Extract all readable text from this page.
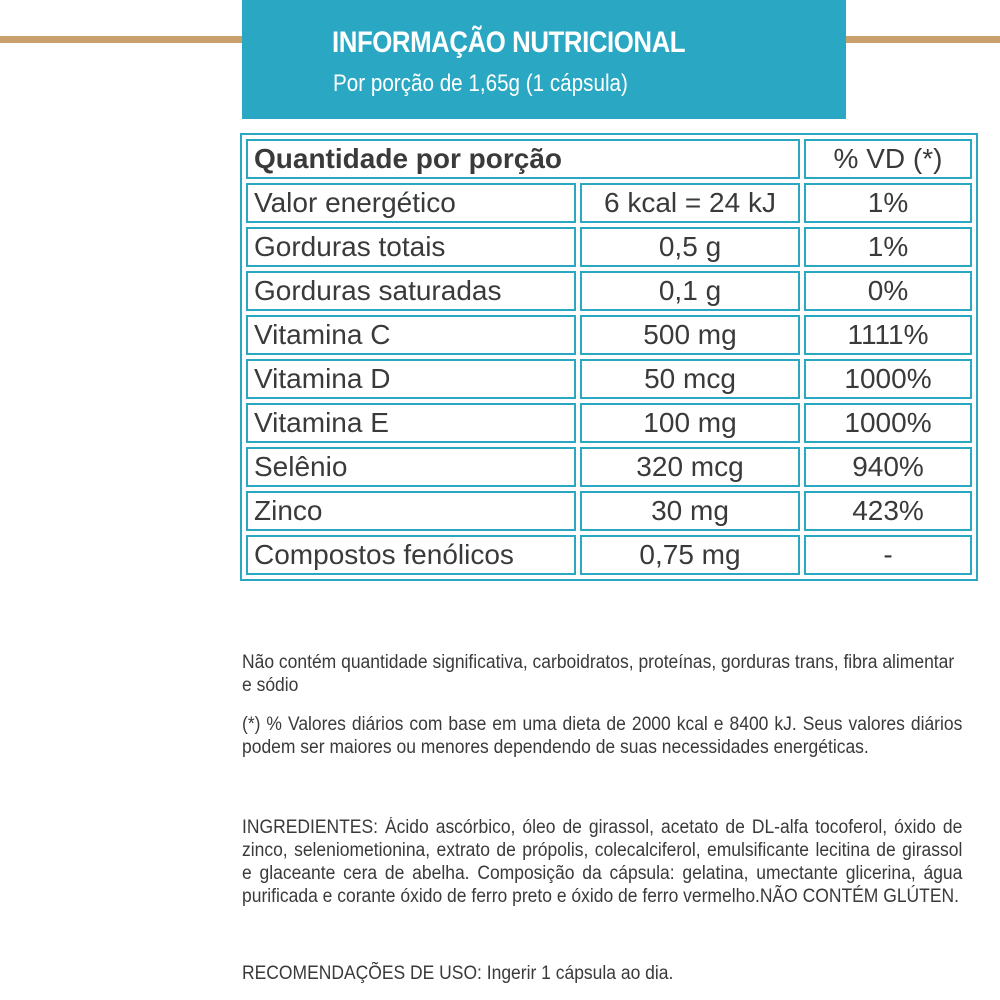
INFORMAÇÃO NUTRICIONAL
Por porção de 1,65g (1 cápsula)
Quantidade por porção		% VD (*)
Valor energético	6 kcal = 24 kJ	1%
Gorduras totais	0,5 g	1%
Gorduras saturadas	0,1 g	0%
Vitamina C	500 mg	1111%
Vitamina D	50 mcg	1000%
Vitamina E	100 mg	1000%
Selênio	320 mcg	940%
Zinco	30 mg	423%
Compostos fenólicos	0,75 mg	-

Não contém quantidade significativa, carboidratos, proteínas, gorduras trans, fibra alimentar e sódio

(*) % Valores diários com base em uma dieta de 2000 kcal e 8400 kJ. Seus valores diários podem ser maiores ou menores dependendo de suas necessidades energéticas.

INGREDIENTES: Ácido ascórbico, óleo de girassol, acetato de DL-alfa tocoferol, óxido de zinco, seleniometionina, extrato de própolis, colecalciferol, emulsificante lecitina de girassol e glaceante cera de abelha. Composição da cápsula: gelatina, umectante glicerina, água purificada e corante óxido de ferro preto e óxido de ferro vermelho.NÃO CONTÉM GLÚTEN.

RECOMENDAÇÕES DE USO: Ingerir 1 cápsula ao dia.
